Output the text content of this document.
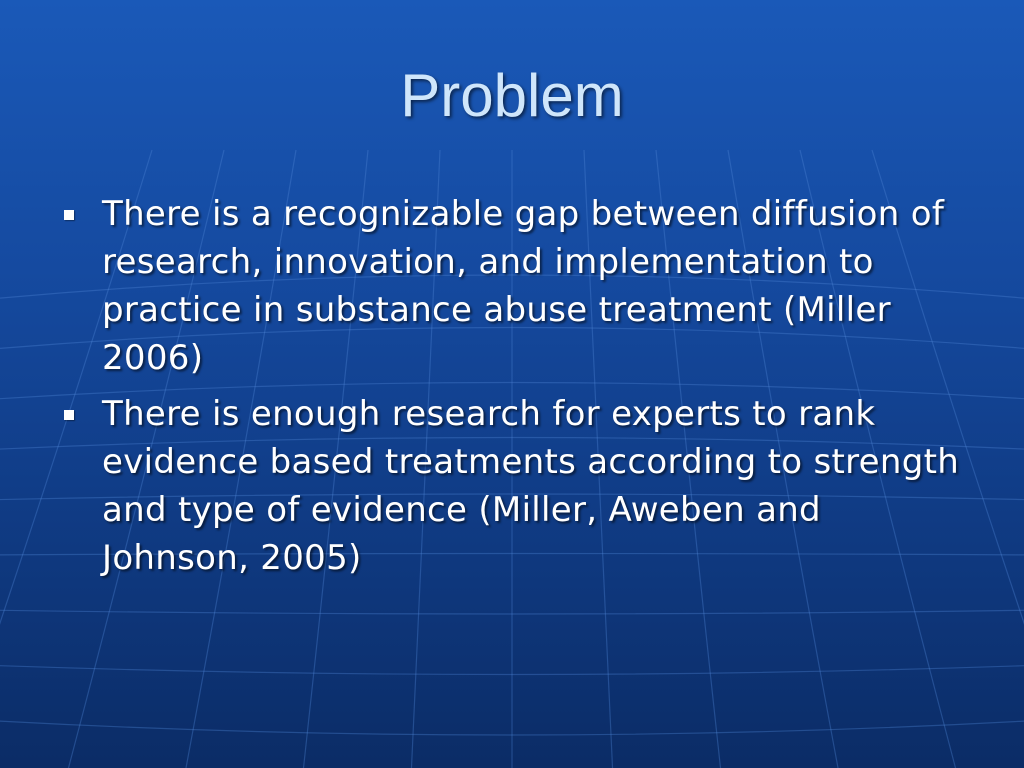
Problem
There is a recognizable gap between diffusion of research, innovation, and implementation to practice in substance abuse treatment (Miller 2006)
There is enough research for experts to rank evidence based treatments according to strength and type of evidence (Miller, Aweben and Johnson, 2005)
